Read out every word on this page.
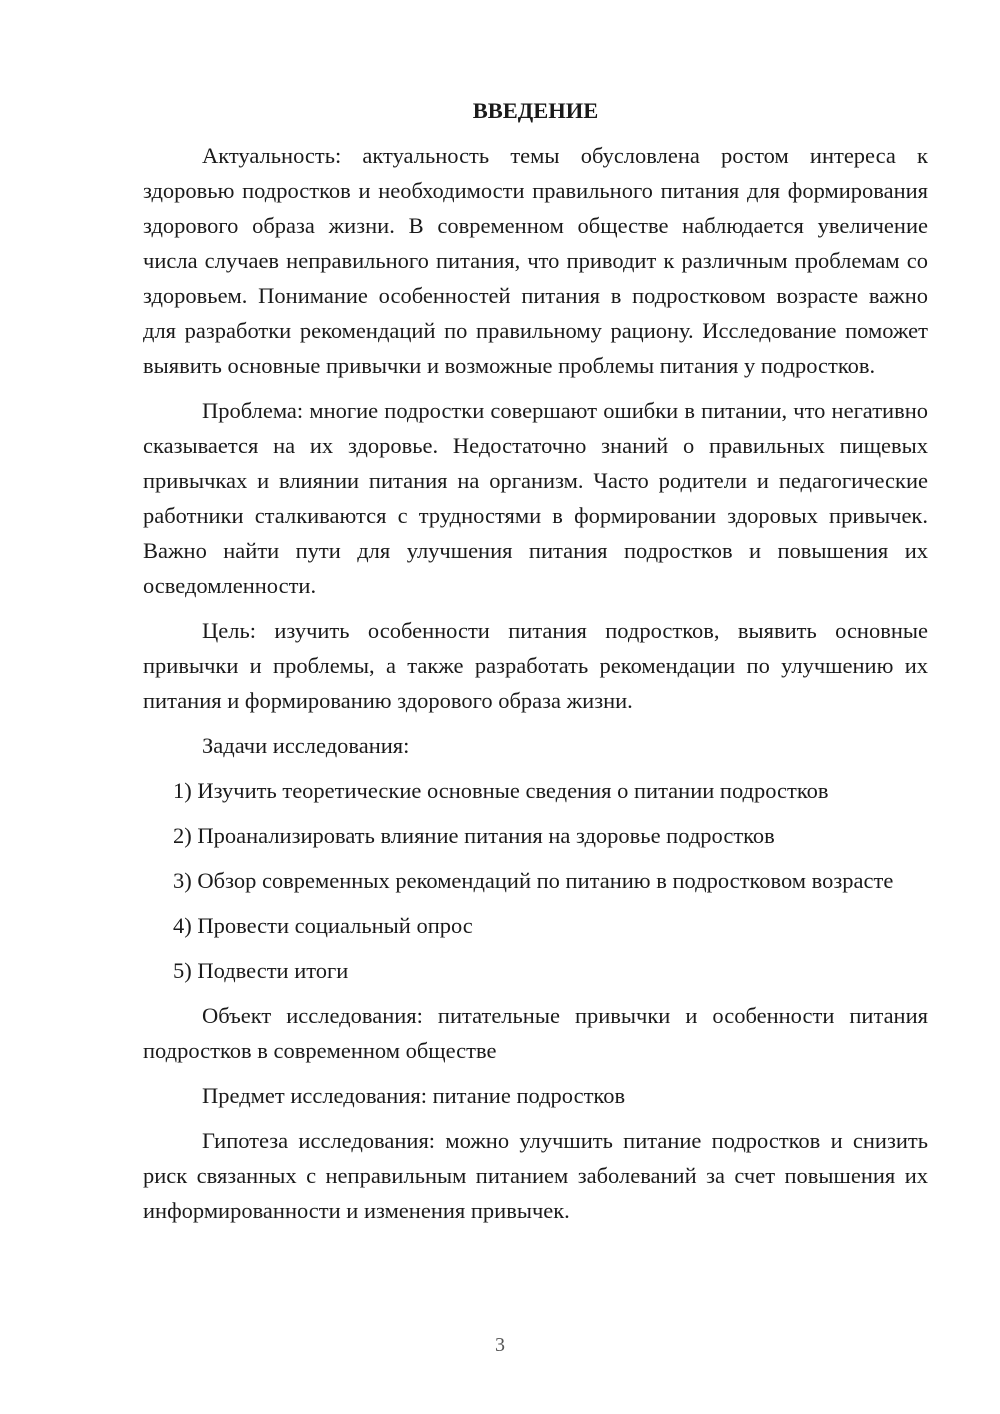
ВВЕДЕНИЕ

Актуальность: актуальность темы обусловлена ростом интереса к здоровью подростков и необходимости правильного питания для формирования здорового образа жизни. В современном обществе наблюдается увеличение числа случаев неправильного питания, что приводит к различным проблемам со здоровьем. Понимание особенностей питания в подростковом возрасте важно для разработки рекомендаций по правильному рациону. Исследование поможет выявить основные привычки и возможные проблемы питания у подростков.

Проблема: многие подростки совершают ошибки в питании, что негативно сказывается на их здоровье. Недостаточно знаний о правильных пищевых привычках и влиянии питания на организм. Часто родители и педагогические работники сталкиваются с трудностями в формировании здоровых привычек. Важно найти пути для улучшения питания подростков и повышения их осведомленности.

Цель: изучить особенности питания подростков, выявить основные привычки и проблемы, а также разработать рекомендации по улучшению их питания и формированию здорового образа жизни.

Задачи исследования:

1) Изучить теоретические основные сведения о питании подростков

2) Проанализировать влияние питания на здоровье подростков

3) Обзор современных рекомендаций по питанию в подростковом возрасте

4) Провести социальный опрос

5) Подвести итоги

Объект исследования: питательные привычки и особенности питания подростков в современном обществе

Предмет исследования: питание подростков

Гипотеза исследования: можно улучшить питание подростков и снизить риск связанных с неправильным питанием заболеваний за счет повышения их информированности и изменения привычек.

3
